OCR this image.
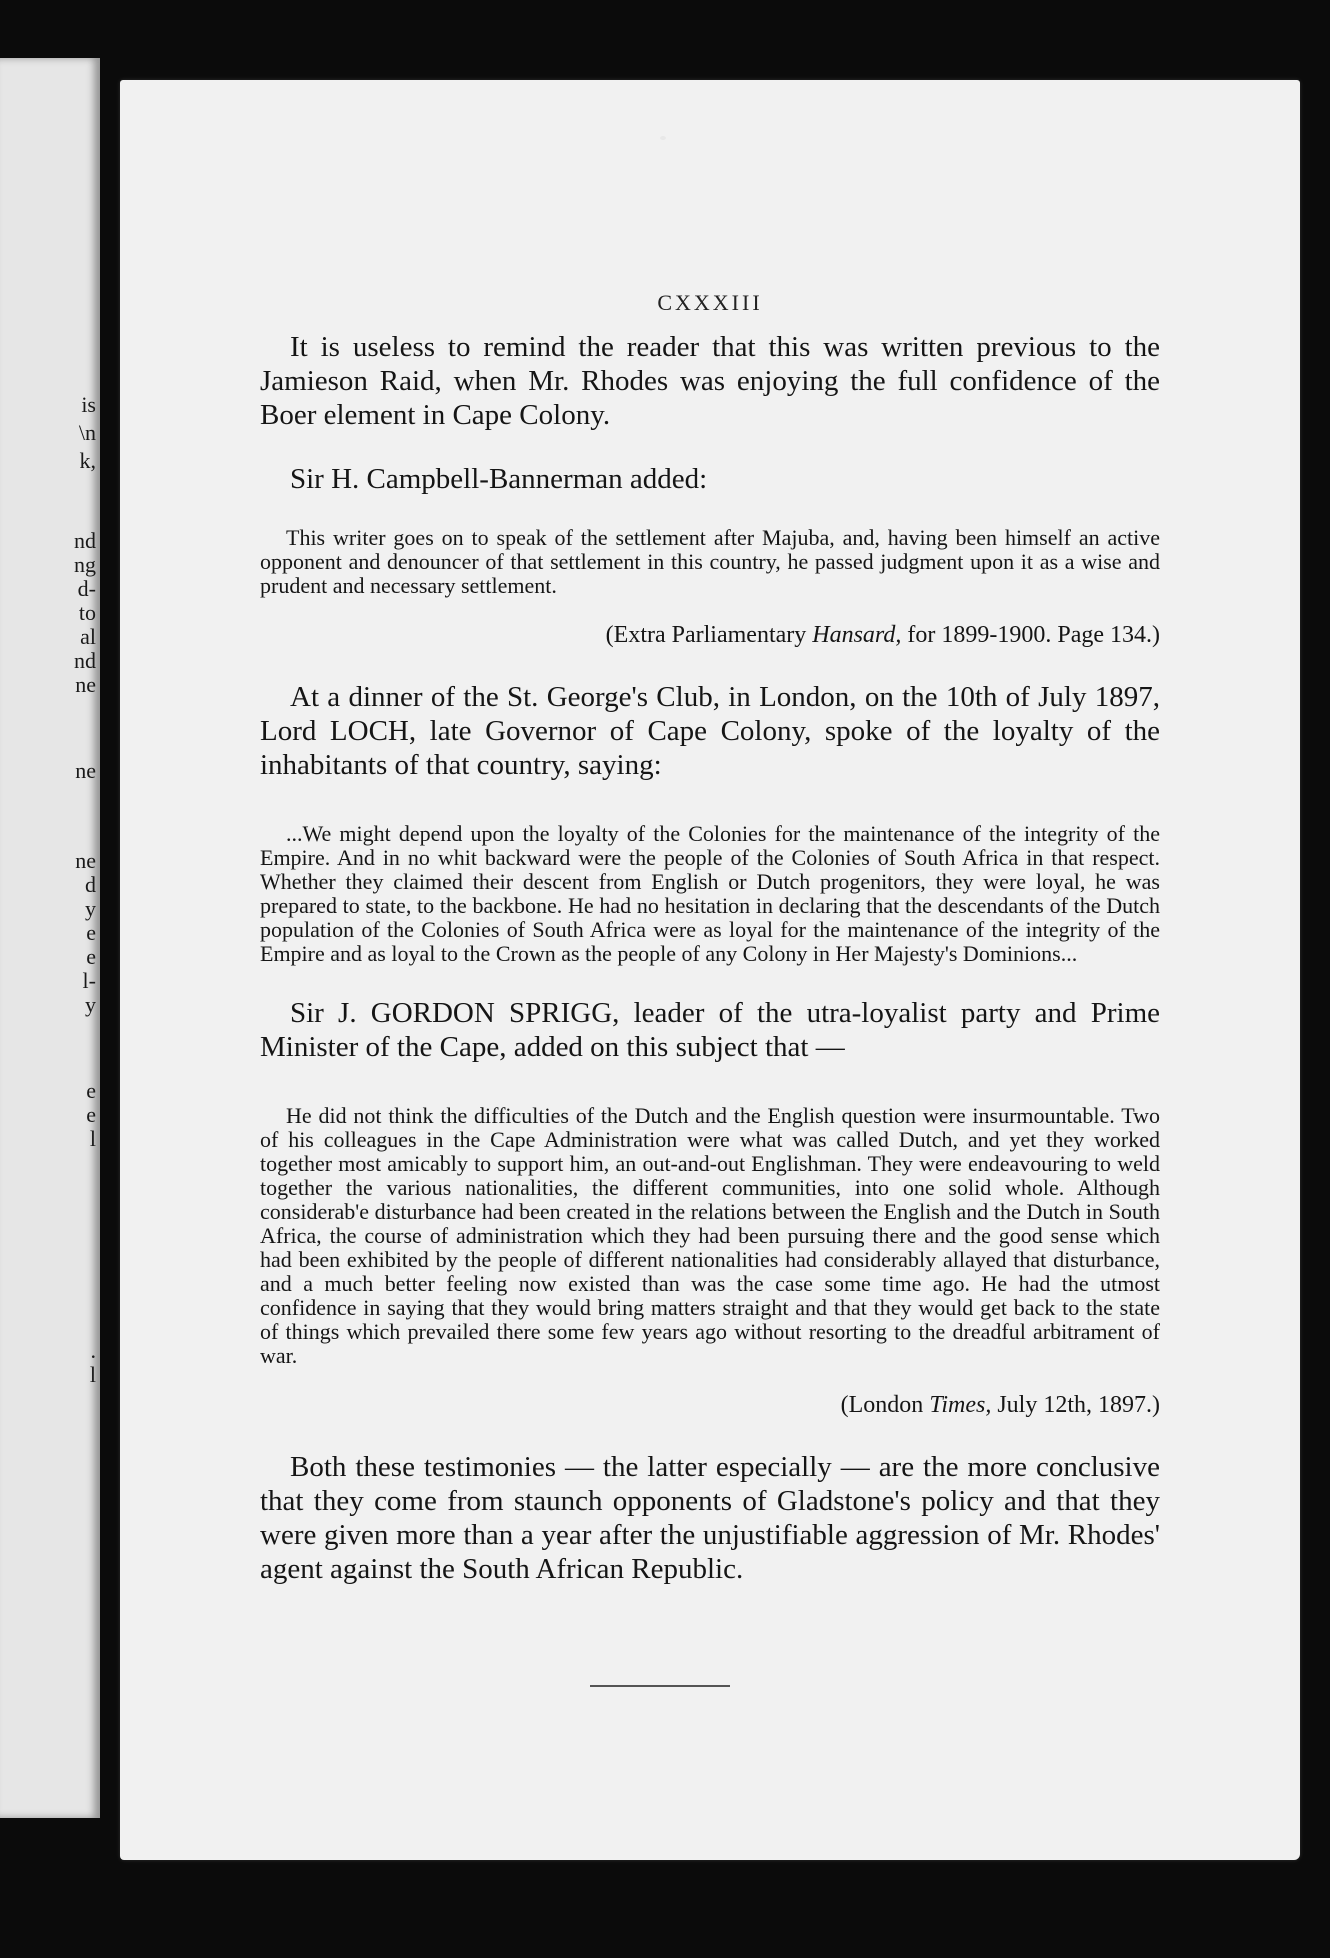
is
\n
k,
nd
ng
d-
to
al
nd
ne
ne
ne
d
y
e
e
l-
y
e
e
l
.
l
CXXXIII

It is useless to remind the reader that this was written previous to the Jamieson Raid, when Mr. Rhodes was enjoying the full confidence of the Boer element in Cape Colony.

Sir H. Campbell-Bannerman added:

This writer goes on to speak of the settlement after Majuba, and, having been himself an active opponent and denouncer of that settlement in this country, he passed judgment upon it as a wise and prudent and necessary settlement.

(Extra Parliamentary Hansard, for 1899-1900. Page 134.)

At a dinner of the St. George's Club, in London, on the 10th of July 1897, Lord LOCH, late Governor of Cape Colony, spoke of the loyalty of the inhabitants of that country, saying:

...We might depend upon the loyalty of the Colonies for the maintenance of the integrity of the Empire. And in no whit backward were the people of the Colonies of South Africa in that respect. Whether they claimed their descent from English or Dutch progenitors, they were loyal, he was prepared to state, to the backbone. He had no hesitation in declaring that the descendants of the Dutch population of the Colonies of South Africa were as loyal for the maintenance of the integrity of the Empire and as loyal to the Crown as the people of any Colony in Her Majesty's Dominions...

Sir J. GORDON SPRIGG, leader of the utra-loyalist party and Prime Minister of the Cape, added on this subject that —

He did not think the difficulties of the Dutch and the English question were insurmountable. Two of his colleagues in the Cape Administration were what was called Dutch, and yet they worked together most amicably to support him, an out-and-out Englishman. They were endeavouring to weld together the various nationalities, the different communities, into one solid whole. Although considerab'e disturbance had been created in the relations between the English and the Dutch in South Africa, the course of administration which they had been pursuing there and the good sense which had been exhibited by the people of different nationalities had considerably allayed that disturbance, and a much better feeling now existed than was the case some time ago. He had the utmost confidence in saying that they would bring matters straight and that they would get back to the state of things which prevailed there some few years ago without resorting to the dreadful arbitrament of war.

(London Times, July 12th, 1897.)

Both these testimonies — the latter especially — are the more conclusive that they come from staunch opponents of Gladstone's policy and that they were given more than a year after the unjustifiable aggression of Mr. Rhodes' agent against the South African Republic.
